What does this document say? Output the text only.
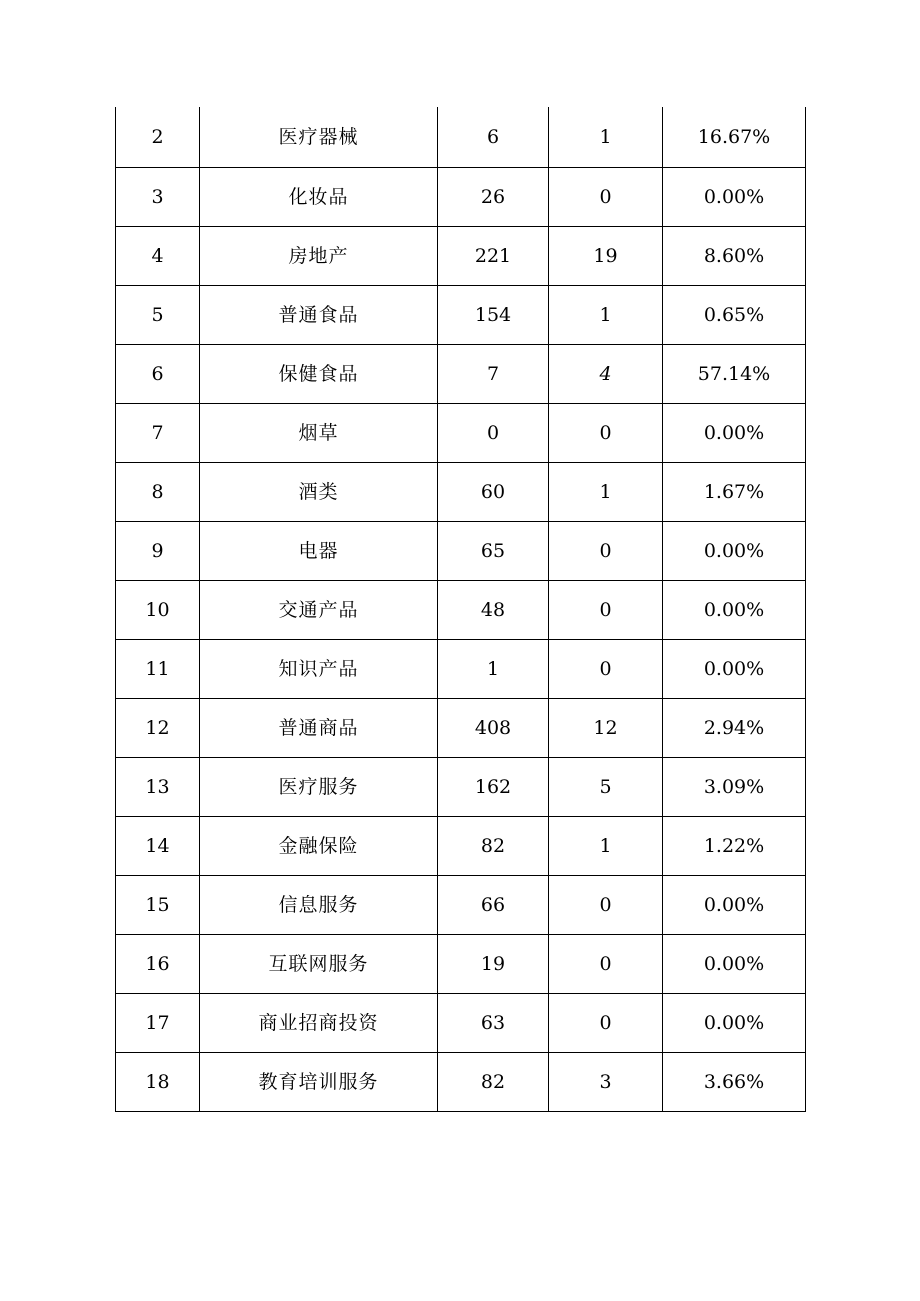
2	医疗器械	6	1	16.67%
3	化妆品	26	0	0.00%
4	房地产	221	19	8.60%
5	普通食品	154	1	0.65%
6	保健食品	7	4	57.14%
7	烟草	0	0	0.00%
8	酒类	60	1	1.67%
9	电器	65	0	0.00%
10	交通产品	48	0	0.00%
11	知识产品	1	0	0.00%
12	普通商品	408	12	2.94%
13	医疗服务	162	5	3.09%
14	金融保险	82	1	1.22%
15	信息服务	66	0	0.00%
16	互联网服务	19	0	0.00%
17	商业招商投资	63	0	0.00%
18	教育培训服务	82	3	3.66%
